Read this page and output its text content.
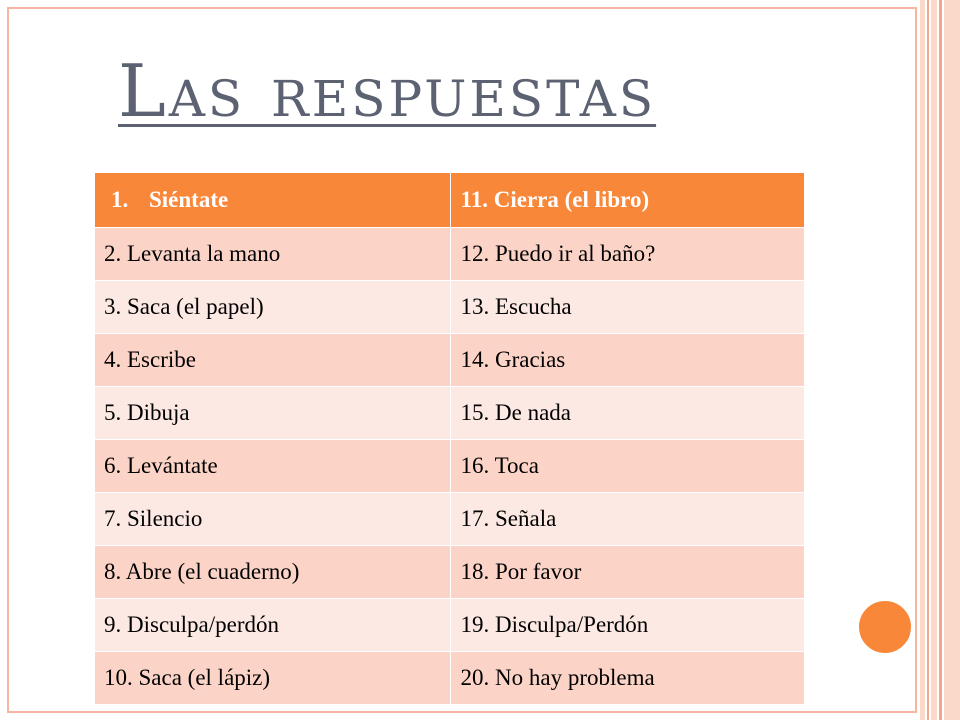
Las respuestas
1. Siéntate	11. Cierra (el libro)
2. Levanta la mano	12. Puedo ir al baño?
3. Saca (el papel)	13. Escucha
4. Escribe	14. Gracias
5. Dibuja	15. De nada
6. Levántate	16. Toca
7. Silencio	17. Señala
8. Abre (el cuaderno)	18. Por favor
9. Disculpa/perdón	19. Disculpa/Perdón
10. Saca (el lápiz)	20. No hay problema
